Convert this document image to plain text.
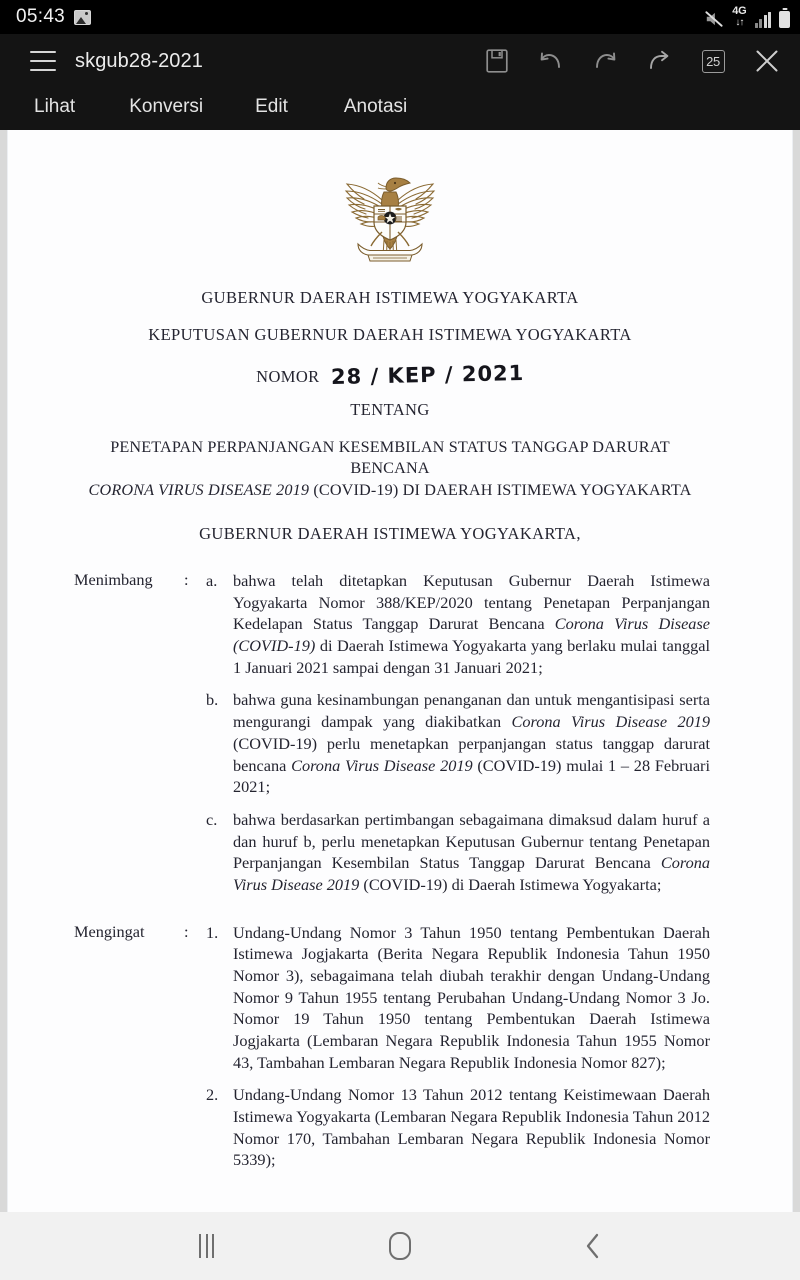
05:43	4G
↓↑
skgub28-2021	25
Lihat	Konversi	Edit	Anotasi
GUBERNUR DAERAH ISTIMEWA YOGYAKARTA
KEPUTUSAN GUBERNUR DAERAH ISTIMEWA YOGYAKARTA
NOMOR 28 / KEP / 2021
TENTANG
PENETAPAN PERPANJANGAN KESEMBILAN STATUS TANGGAP DARURAT BENCANA
CORONA VIRUS DISEASE 2019 (COVID-19) DI DAERAH ISTIMEWA YOGYAKARTA
GUBERNUR DAERAH ISTIMEWA YOGYAKARTA,
Menimbang	:	a. bahwa telah ditetapkan Keputusan Gubernur Daerah Istimewa Yogyakarta Nomor 388/KEP/2020 tentang Penetapan Perpanjangan Kedelapan Status Tanggap Darurat Bencana Corona Virus Disease (COVID-19) di Daerah Istimewa Yogyakarta yang berlaku mulai tanggal 1 Januari 2021 sampai dengan 31 Januari 2021;
b. bahwa guna kesinambungan penanganan dan untuk mengantisipasi serta mengurangi dampak yang diakibatkan Corona Virus Disease 2019 (COVID-19) perlu menetapkan perpanjangan status tanggap darurat bencana Corona Virus Disease 2019 (COVID-19) mulai 1 – 28 Februari 2021;
c. bahwa berdasarkan pertimbangan sebagaimana dimaksud dalam huruf a dan huruf b, perlu menetapkan Keputusan Gubernur tentang Penetapan Perpanjangan Kesembilan Status Tanggap Darurat Bencana Corona Virus Disease 2019 (COVID-19) di Daerah Istimewa Yogyakarta;
Mengingat	:	1. Undang-Undang Nomor 3 Tahun 1950 tentang Pembentukan Daerah Istimewa Jogjakarta (Berita Negara Republik Indonesia Tahun 1950 Nomor 3), sebagaimana telah diubah terakhir dengan Undang-Undang Nomor 9 Tahun 1955 tentang Perubahan Undang-Undang Nomor 3 Jo. Nomor 19 Tahun 1950 tentang Pembentukan Daerah Istimewa Jogjakarta (Lembaran Negara Republik Indonesia Tahun 1955 Nomor 43, Tambahan Lembaran Negara Republik Indonesia Nomor 827);
2. Undang-Undang Nomor 13 Tahun 2012 tentang Keistimewaan Daerah Istimewa Yogyakarta (Lembaran Negara Republik Indonesia Tahun 2012 Nomor 170, Tambahan Lembaran Negara Republik Indonesia Nomor 5339);
